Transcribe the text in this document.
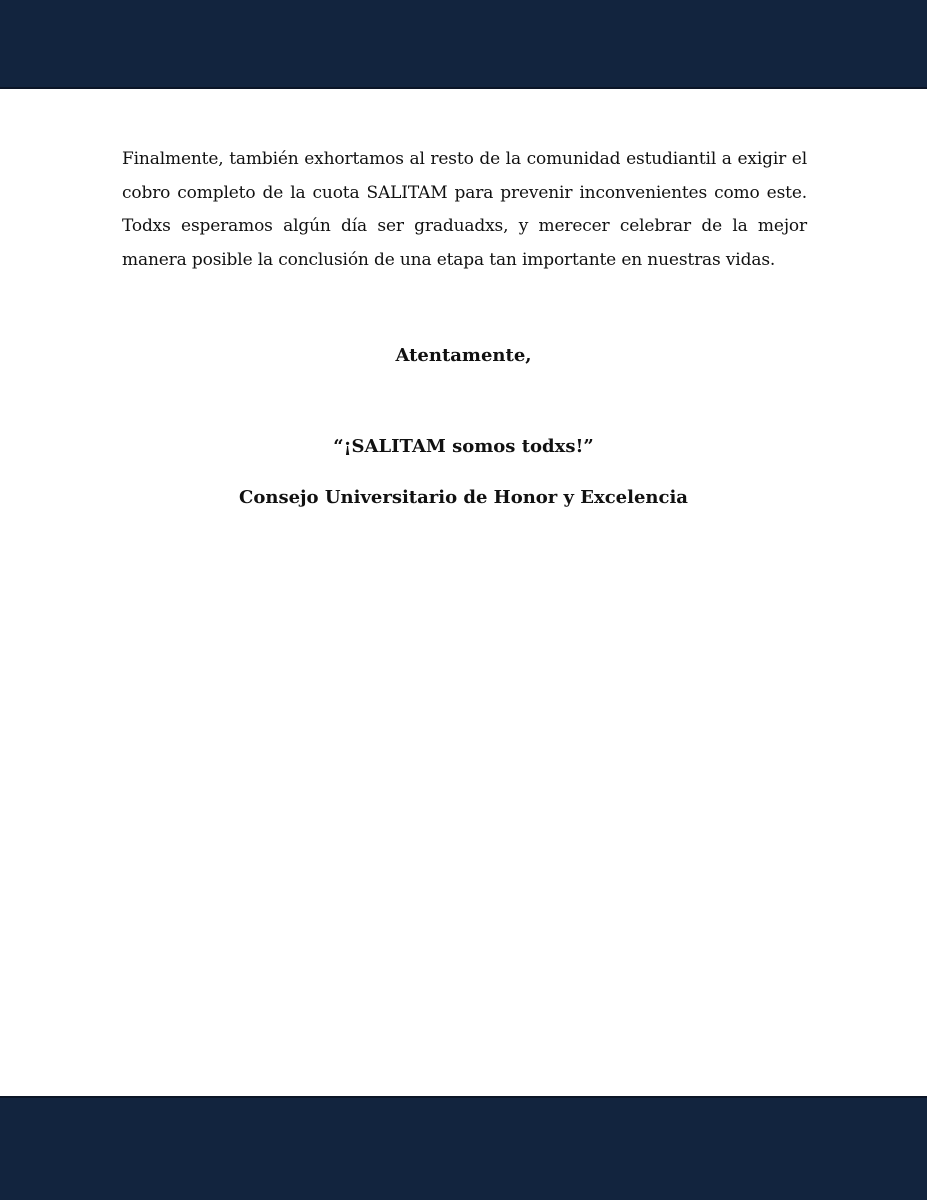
Finalmente, también exhortamos al resto de la comunidad estudiantil a exigir el cobro completo de la cuota SALITAM para prevenir inconvenientes como este. Todxs esperamos algún día ser graduadxs, y merecer celebrar de la mejor manera posible la conclusión de una etapa tan importante en nuestras vidas.

Atentamente,

“¡SALITAM somos todxs!”

Consejo Universitario de Honor y Excelencia
